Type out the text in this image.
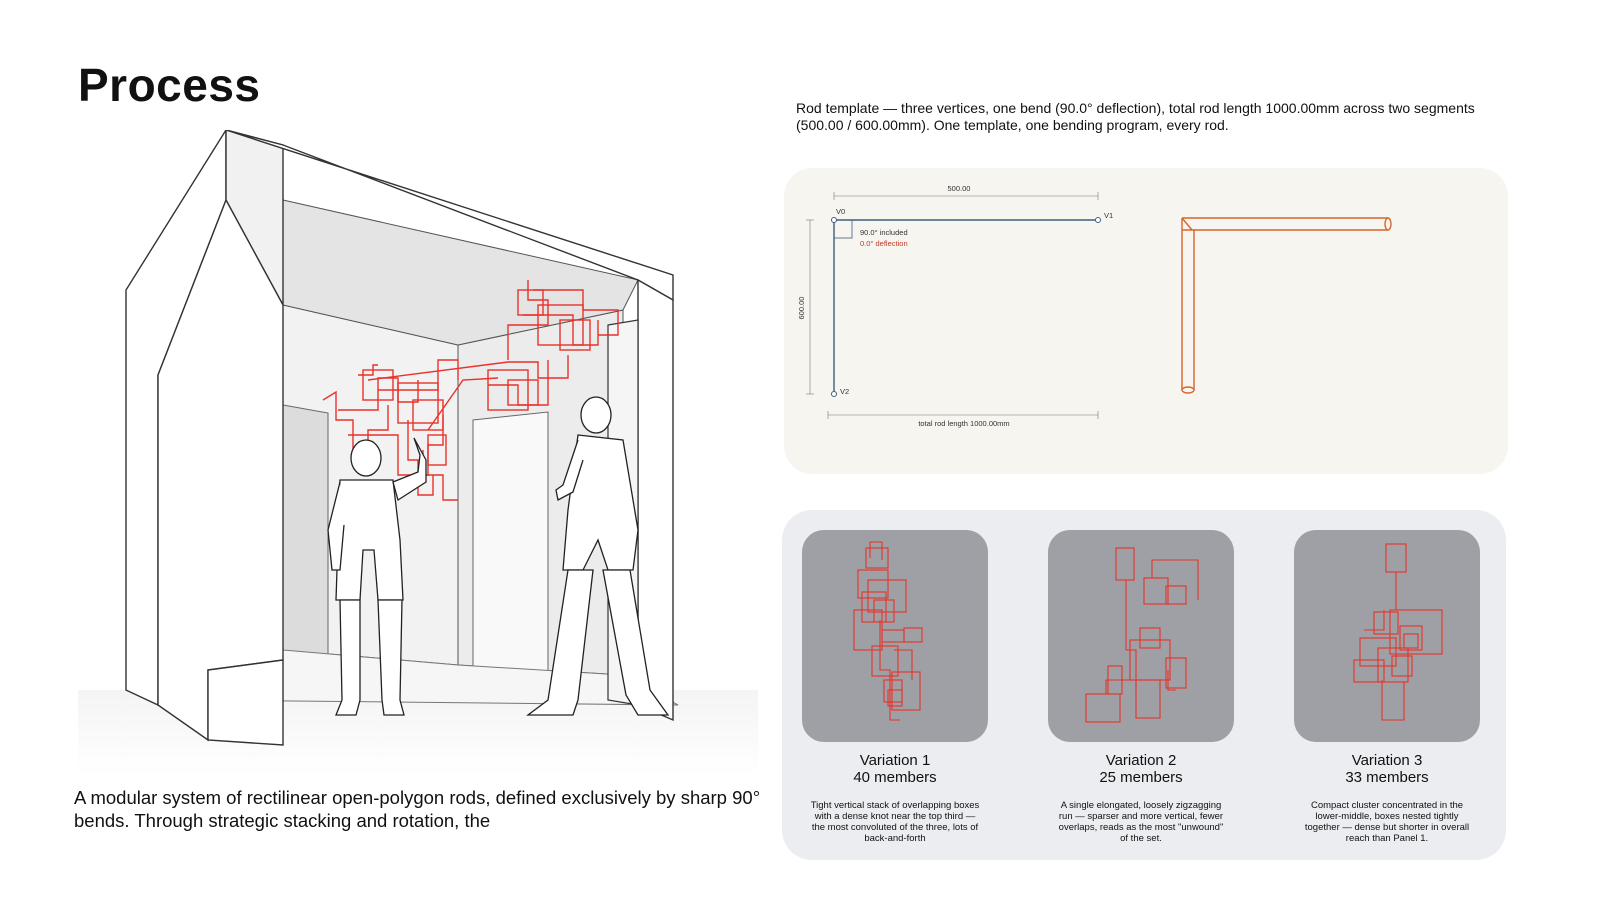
Process

A modular system of rectilinear open-polygon rods, defined exclusively by sharp 90° bends. Through strategic stacking and rotation, the

Rod template — three vertices, one bend (90.0° deflection), total rod length 1000.00mm across two segments (500.00 / 600.00mm). One template, one bending program, every rod.

500.00
600.00
total rod length 1000.00mm
V0	V1
V2
90.0° included
0.0° deflection
Variation 1
40 members
Tight vertical stack of overlapping boxes with a dense knot near the top third — the most convoluted of the three, lots of back-and-forth
Variation 2
25 members
A single elongated, loosely zigzagging run — sparser and more vertical, fewer overlaps, reads as the most "unwound" of the set.
Variation 3
33 members
Compact cluster concentrated in the lower-middle, boxes nested tightly together — dense but shorter in overall reach than Panel 1.
